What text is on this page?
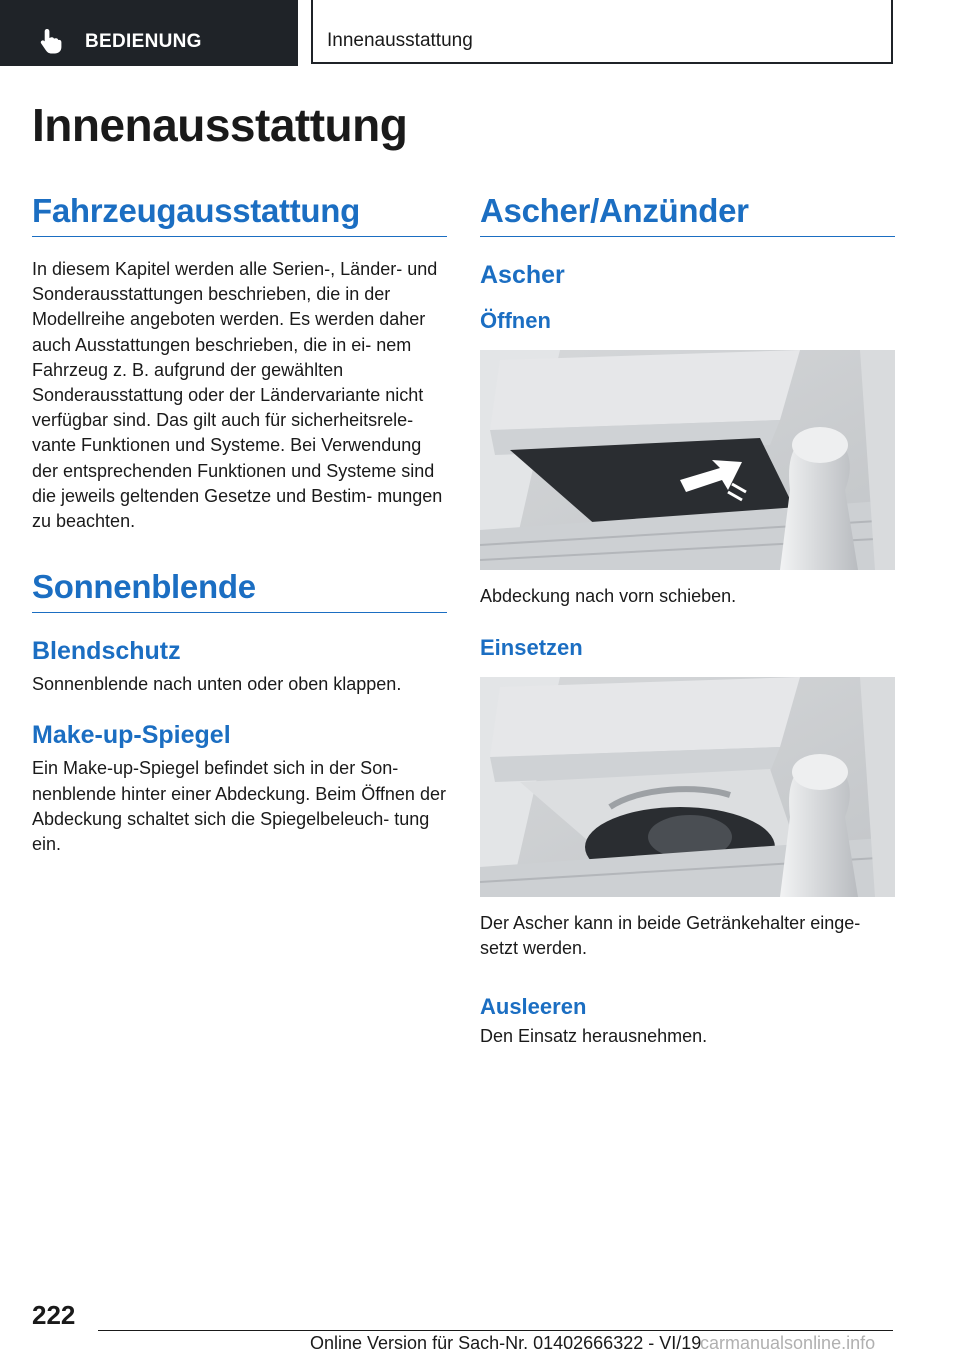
BEDIENUNG	Innenausstattung
Innenausstattung
Fahrzeugausstattung

In diesem Kapitel werden alle Serien-, Länder- und Sonderausstattungen beschrieben, die in der Modellreihe angeboten werden. Es werden daher auch Ausstattungen beschrieben, die in ei- nem Fahrzeug z. B. aufgrund der gewählten Sonderausstattung oder der Ländervariante nicht verfügbar sind. Das gilt auch für sicherheitsrele- vante Funktionen und Systeme. Bei Verwendung der entsprechenden Funktionen und Systeme sind die jeweils geltenden Gesetze und Bestim- mungen zu beachten.

Sonnenblende
Blendschutz

Sonnenblende nach unten oder oben klappen.

Make-up-Spiegel

Ein Make-up-Spiegel befindet sich in der Son- nenblende hinter einer Abdeckung. Beim Öffnen der Abdeckung schaltet sich die Spiegelbeleuch- tung ein.

Ascher/Anzünder
Ascher
Öffnen

Abdeckung nach vorn schieben.

Einsetzen

Der Ascher kann in beide Getränkehalter einge- setzt werden.

Ausleeren

Den Einsatz herausnehmen.

222
Online Version für Sach-Nr. 01402666322 - VI/19
carmanualsonline.info
